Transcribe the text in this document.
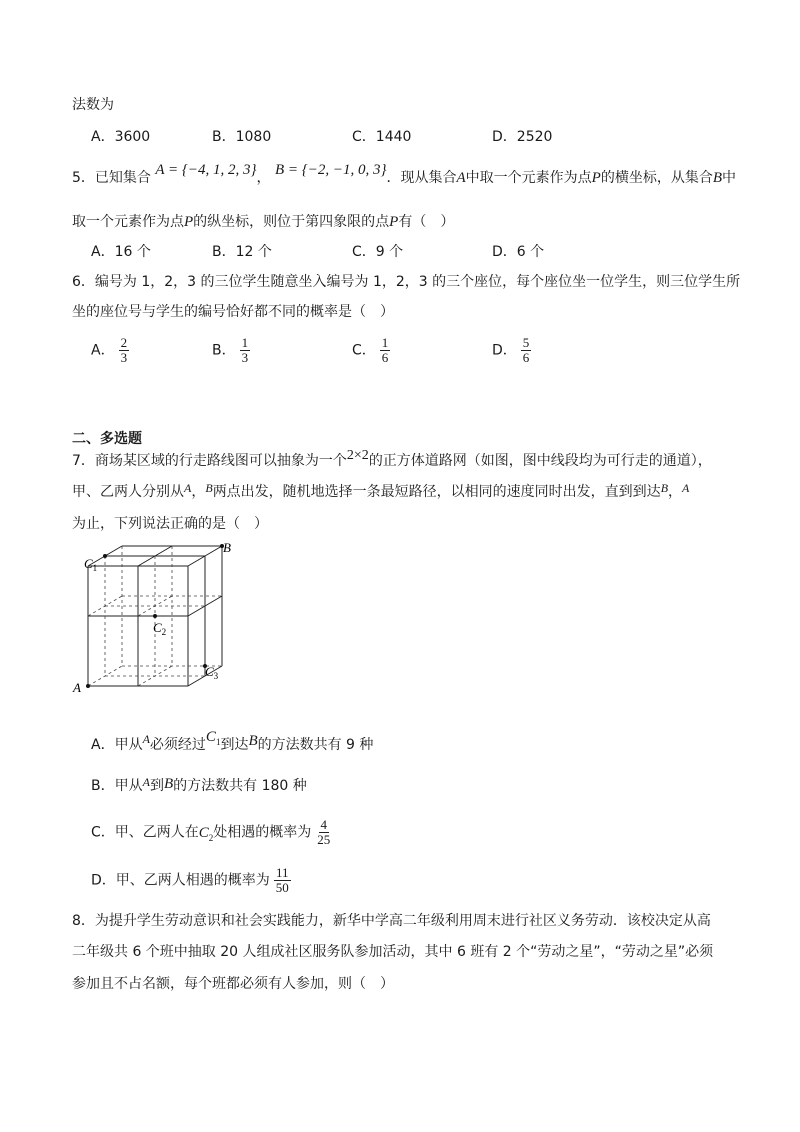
法数为
A．3600	B．1080	C．1440	D．2520
5．已知集合 A = {−4, 1, 2, 3}， B = {−2, −1, 0, 3}．现从集合A中取一个元素作为点P的横坐标，从集合B中
取一个元素作为点P的纵坐标，则位于第四象限的点P有（　）
A．16 个	B．12 个	C．9 个	D．6 个
6．编号为 1，2，3 的三位学生随意坐入编号为 1，2，3 的三个座位，每个座位坐一位学生，则三位学生所
坐的座位号与学生的编号恰好都不同的概率是（　）
A． $\frac{2}{3}$	B． $\frac{1}{3}$	C． $\frac{1}{6}$	D． $\frac{5}{6}$
二、多选题
7．商场某区域的行走路线图可以抽象为一个2×2的正方体道路网（如图，图中线段均为可行走的通道），
甲、乙两人分别从A，B两点出发，随机地选择一条最短路径，以相同的速度同时出发，直到到达B，A
为止，下列说法正确的是（　）
B
$C_1$
$C_2$
$C_3$
A
A．甲从A必须经过$C_1$到达B的方法数共有 9 种
B．甲从A到B的方法数共有 180 种
C．甲、乙两人在$C_2$处相遇的概率为 $\frac{4}{25}$
D．甲、乙两人相遇的概率为 $\frac{11}{50}$
8．为提升学生劳动意识和社会实践能力，新华中学高二年级利用周末进行社区义务劳动．该校决定从高
二年级共 6 个班中抽取 20 人组成社区服务队参加活动，其中 6 班有 2 个“劳动之星”，“劳动之星”必须
参加且不占名额，每个班都必须有人参加，则（　）
